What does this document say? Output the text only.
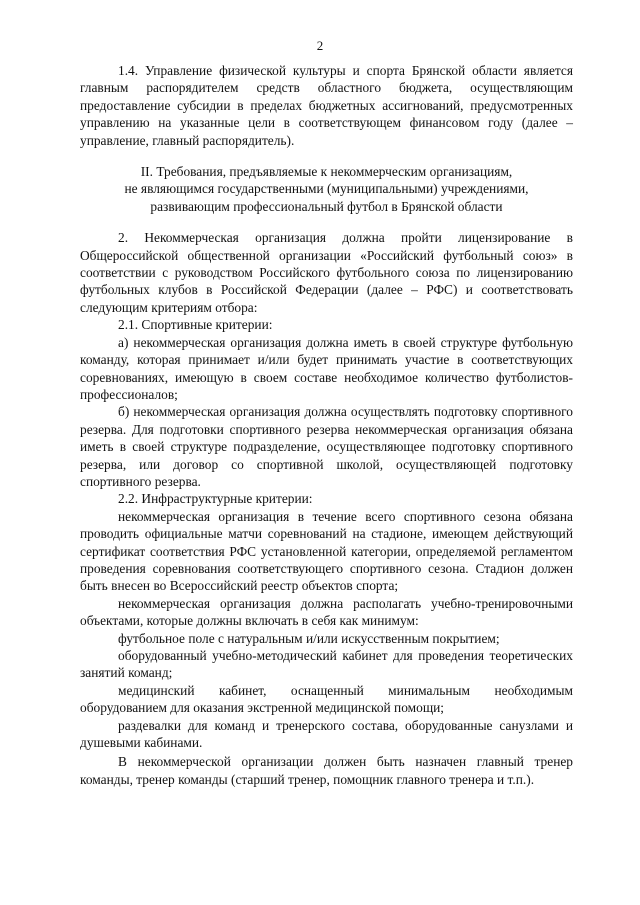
2

1.4. Управление физической культуры и спорта Брянской области является главным распорядителем средств областного бюджета, осуществляющим предоставление субсидии в пределах бюджетных ассигнований, предусмотренных управлению на указанные цели в соответствующем финансовом году (далее – управление, главный распорядитель).

II. Требования, предъявляемые к некоммерческим организациям,
не являющимся государственными (муниципальными) учреждениями,
развивающим профессиональный футбол в Брянской области

2. Некоммерческая организация должна пройти лицензирование в Общероссийской общественной организации «Российский футбольный союз» в соответствии с руководством Российского футбольного союза по лицензированию футбольных клубов в Российской Федерации (далее – РФС) и соответствовать следующим критериям отбора:

2.1. Спортивные критерии:

а) некоммерческая организация должна иметь в своей структуре футбольную команду, которая принимает и/или будет принимать участие в соответствующих соревнованиях, имеющую в своем составе необходимое количество футболистов-профессионалов;

б) некоммерческая организация должна осуществлять подготовку спортивного резерва. Для подготовки спортивного резерва некоммерческая организация обязана иметь в своей структуре подразделение, осуществляющее подготовку спортивного резерва, или договор со спортивной школой, осуществляющей подготовку спортивного резерва.

2.2. Инфраструктурные критерии:

некоммерческая организация в течение всего спортивного сезона обязана проводить официальные матчи соревнований на стадионе, имеющем действующий сертификат соответствия РФС установленной категории, определяемой регламентом проведения соревнования соответствующего спортивного сезона. Стадион должен быть внесен во Всероссийский реестр объектов спорта;

некоммерческая организация должна располагать учебно-тренировочными объектами, которые должны включать в себя как минимум:

футбольное поле с натуральным и/или искусственным покрытием;

оборудованный учебно-методический кабинет для проведения теоретических занятий команд;

медицинский кабинет, оснащенный минимальным необходимым оборудованием для оказания экстренной медицинской помощи;

раздевалки для команд и тренерского состава, оборудованные санузлами и душевыми кабинами.

В некоммерческой организации должен быть назначен главный тренер команды, тренер команды (старший тренер, помощник главного тренера и т.п.).
